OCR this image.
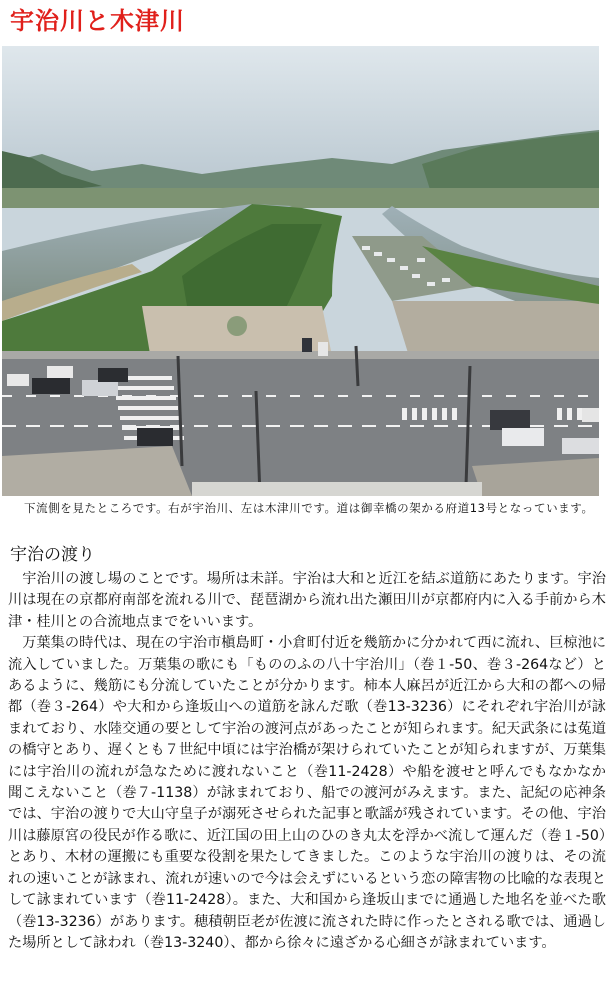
宇治川と木津川
下流側を見たところです。右が宇治川、左は木津川です。道は御幸橋の架かる府道13号となっています。
宇治の渡り

宇治川の渡し場のことです。場所は未詳。宇治は大和と近江を結ぶ道筋にあたります。宇治川は現在の京都府南部を流れる川で、琵琶湖から流れ出た瀬田川が京都府内に入る手前から木津・桂川との合流地点までをいいます。

万葉集の時代は、現在の宇治市槇島町・小倉町付近を幾筋かに分かれて西に流れ、巨椋池に流入していました。万葉集の歌にも「もののふの八十宇治川」（巻１-50、巻３-264など）とあるように、幾筋にも分流していたことが分かります。柿本人麻呂が近江から大和の都への帰都（巻３-264）や大和から逢坂山への道筋を詠んだ歌（巻13-3236）にそれぞれ宇治川が詠まれており、水陸交通の要として宇治の渡河点があったことが知られます。紀天武条には菟道の橋守とあり、遅くとも７世紀中頃には宇治橋が架けられていたことが知られますが、万葉集には宇治川の流れが急なために渡れないこと（巻11-2428）や船を渡せと呼んでもなかなか聞こえないこと（巻７-1138）が詠まれており、船での渡河がみえます。また、記紀の応神条では、宇治の渡りで大山守皇子が溺死させられた記事と歌謡が残されています。その他、宇治川は藤原宮の役民が作る歌に、近江国の田上山のひのき丸太を浮かべ流して運んだ（巻１-50）とあり、木材の運搬にも重要な役割を果たしてきました。このような宇治川の渡りは、その流れの速いことが詠まれ、流れが速いので今は会えずにいるという恋の障害物の比喩的な表現として詠まれています（巻11-2428）。また、大和国から逢坂山までに通過した地名を並べた歌（巻13-3236）があります。穂積朝臣老が佐渡に流された時に作ったとされる歌では、通過した場所として詠われ（巻13-3240）、都から徐々に遠ざかる心細さが詠まれています。
